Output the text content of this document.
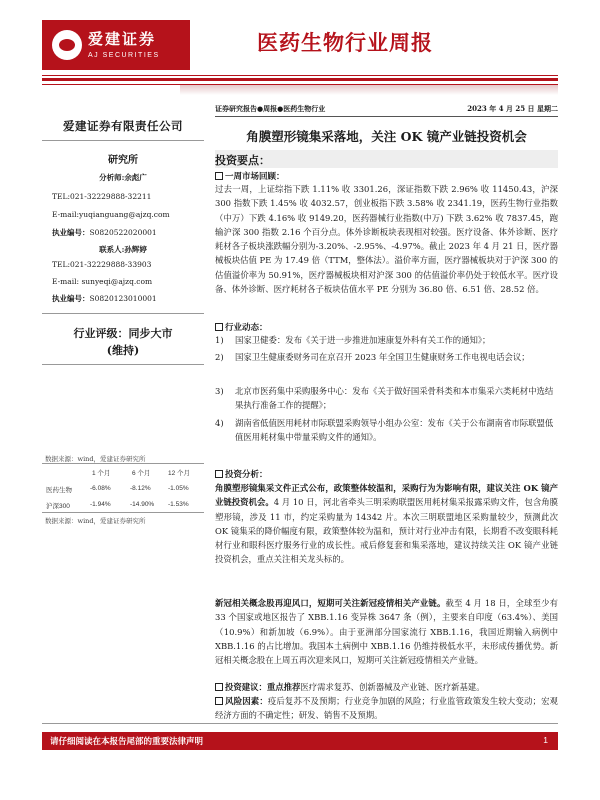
爱建证券
AJ SECURITIES
医药生物行业周报
爱建证券有限责任公司
研究所
分析师:余彪广
TEL:021-32229888-32211
E-mail:yuqianguang@ajzq.com
执业编号：S0820522020001
联系人:孙辉婷
TEL:021-32229888-33903
E-mail: sunyeqi@ajzq.com
执业编号：S0820123010001
行业评级：同步大市
(维持)
数据来源：wind，爱建证券研究所
1 个月	6 个月	12 个月
医药生物	-6.08%	-8.12%	-1.05%
沪深300	-1.94%	-14.90% -1.53%
数据来源：wind，爱建证券研究所
证券研究报告●周报●医药生物行业	2023 年 4 月 25 日 星期二
角膜塑形镜集采落地，关注 OK 镜产业链投资机会
投资要点：
一周市场回顾：
过去一周，上证综指下跌 1.11% 收 3301.26，深证指数下跌 2.96% 收 11450.43，沪深 300 指数下跌 1.45% 收 4032.57，创业板指下跌 3.58% 收 2341.19，医药生物行业指数（中万）下跌 4.16% 收 9149.20，医药器械行业指数(中万) 下跌 3.62% 收 7837.45，跑输沪深 300 指数 2.16 个百分点。体外诊断板块表现相对较强。医疗设备、体外诊断、医疗耗材各子板块涨跌幅分别为-3.20%、-2.95%、-4.97%。截止 2023 年 4 月 21 日，医疗器械板块估值 PE 为 17.49 倍（TTM，整体法）。溢价率方面，医疗器械板块对于沪深 300 的估值溢价率为 50.91%，医疗器械板块相对沪深 300 的估值溢价率仍处于较低水平。医疗设备、体外诊断、医疗耗材各子板块估值水平 PE 分别为 36.80 倍、6.51 倍、28.52 倍。
行业动态：
1) 国家卫健委：发布《关于进一步推进加速康复外科有关工作的通知》；
2) 国家卫生健康委财务司在京召开 2023 年全国卫生健康财务工作电视电话会议；
3) 北京市医药集中采购服务中心：发布《关于做好国采骨科类和本市集采六类耗材中选结果执行准备工作的提醒》；
4) 湖南省低值医用耗材市际联盟采购领导小组办公室：发布《关于公布湖南省市际联盟低值医用耗材集中带量采购文件的通知》。
投资分析：
角膜塑形镜集采文件正式公布，政策整体较温和，采购行为为影响有限，建议关注 OK 镜产业链投资机会。4 月 10 日，河北省牵头三明采购联盟医用耗材集采报露采购文件，包含角膜塑形镜，涉及 11 市，约定采购量为 14342 片。本次三明联盟地区采购量较少，预测此次 OK 镜集采的降价幅度有限，政策整体较为温和，预计对行业冲击有限，长期看不改变眼科耗材行业和眼科医疗服务行业的成长性。戒后修复套和集采落地，建议持续关注 OK 镜产业链投资机会，重点关注相关龙头标的。
新冠相关概念股再迎风口，短期可关注新冠疫情相关产业链。截至 4 月 18 日，全球至少有 33 个国家或地区报告了 XBB.1.16 变异株 3647 条（例），主要来自印度（63.4%）、美国（10.9%）和新加坡（6.9%）。由于亚洲部分国家流行 XBB.1.16，我国近期输入病例中 XBB.1.16 的占比增加。我国本土病例中 XBB.1.16 仍维持极低水平，未形成传播优势。新冠相关概念股在上周五再次迎来风口，短期可关注新冠疫情相关产业链。
投资建议：重点推荐医疗需求复苏、创新器械及产业链、医疗新基建。
风险因素：疫后复苏不及预期；行业竞争加剧的风险；行业监管政策发生较大变动；宏观经济方面的不确定性；研发、销售不及预期。
请仔细阅读在本报告尾部的重要法律声明	1
